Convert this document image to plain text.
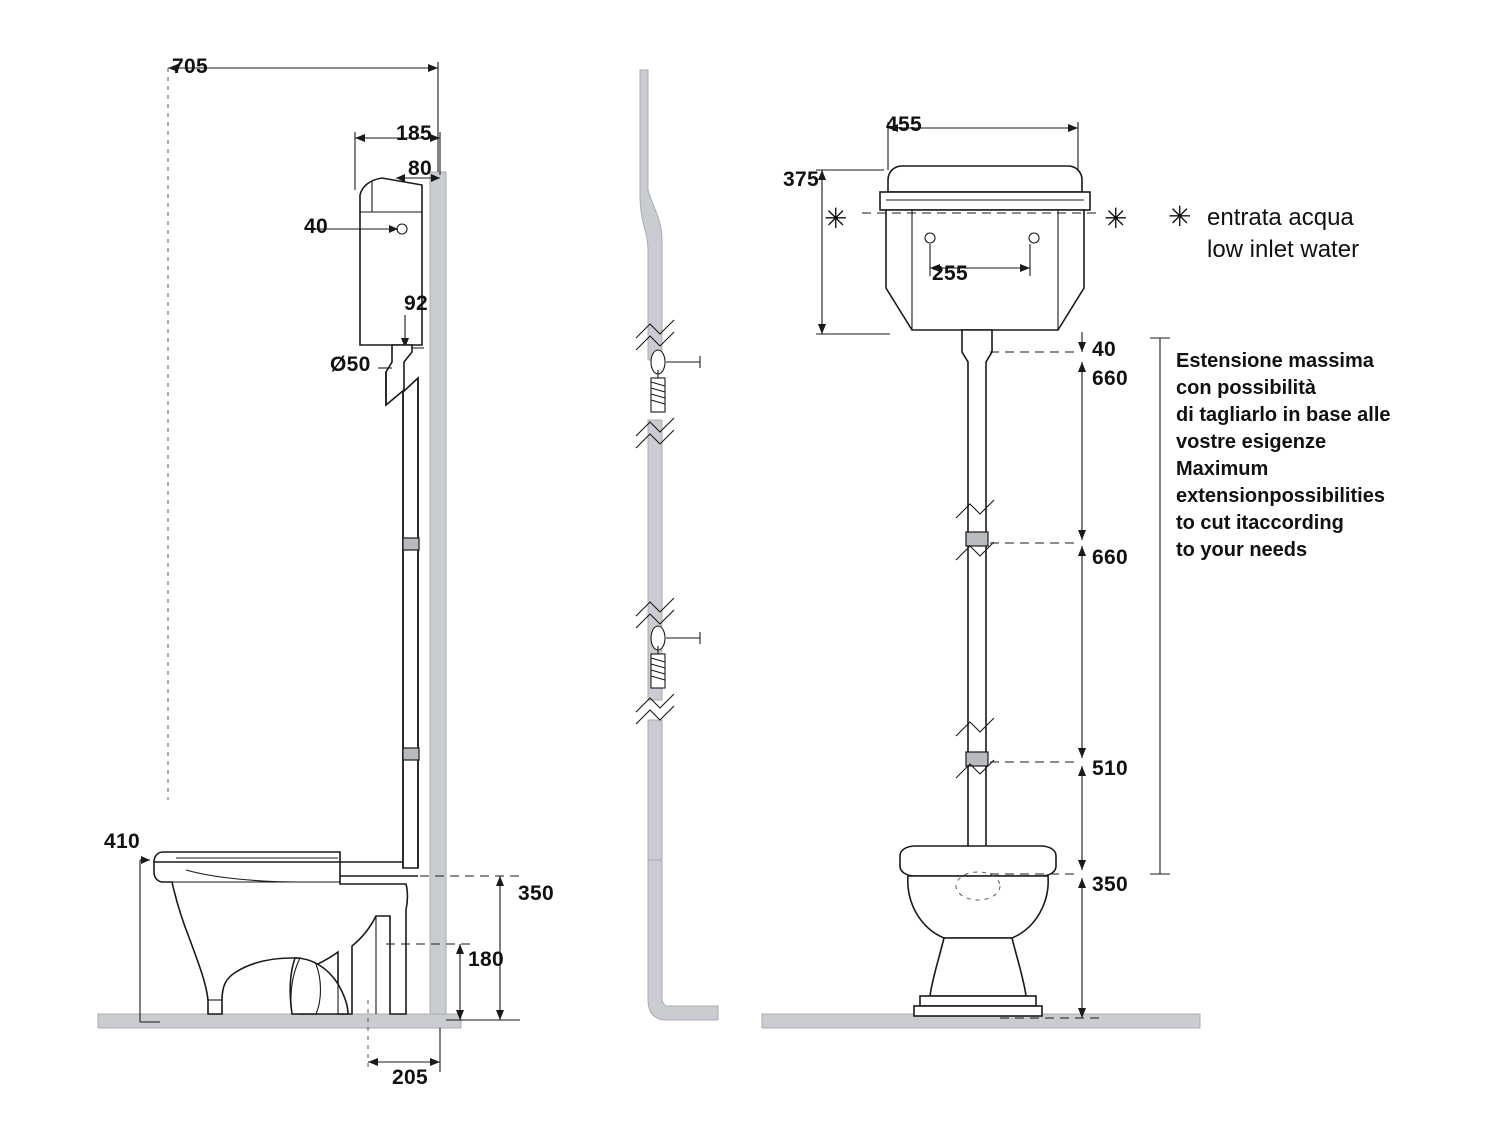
705
185
80
40
92
Ø50
410
350
180
205
455
375
255
40
660
660
510
350
✳	✳ ✳ entrata acqua
low inlet water
Estensione massima
con possibilità
di tagliarlo in base alle
vostre esigenze
Maximum
extensionpossibilities
to cut itaccording
to your needs
